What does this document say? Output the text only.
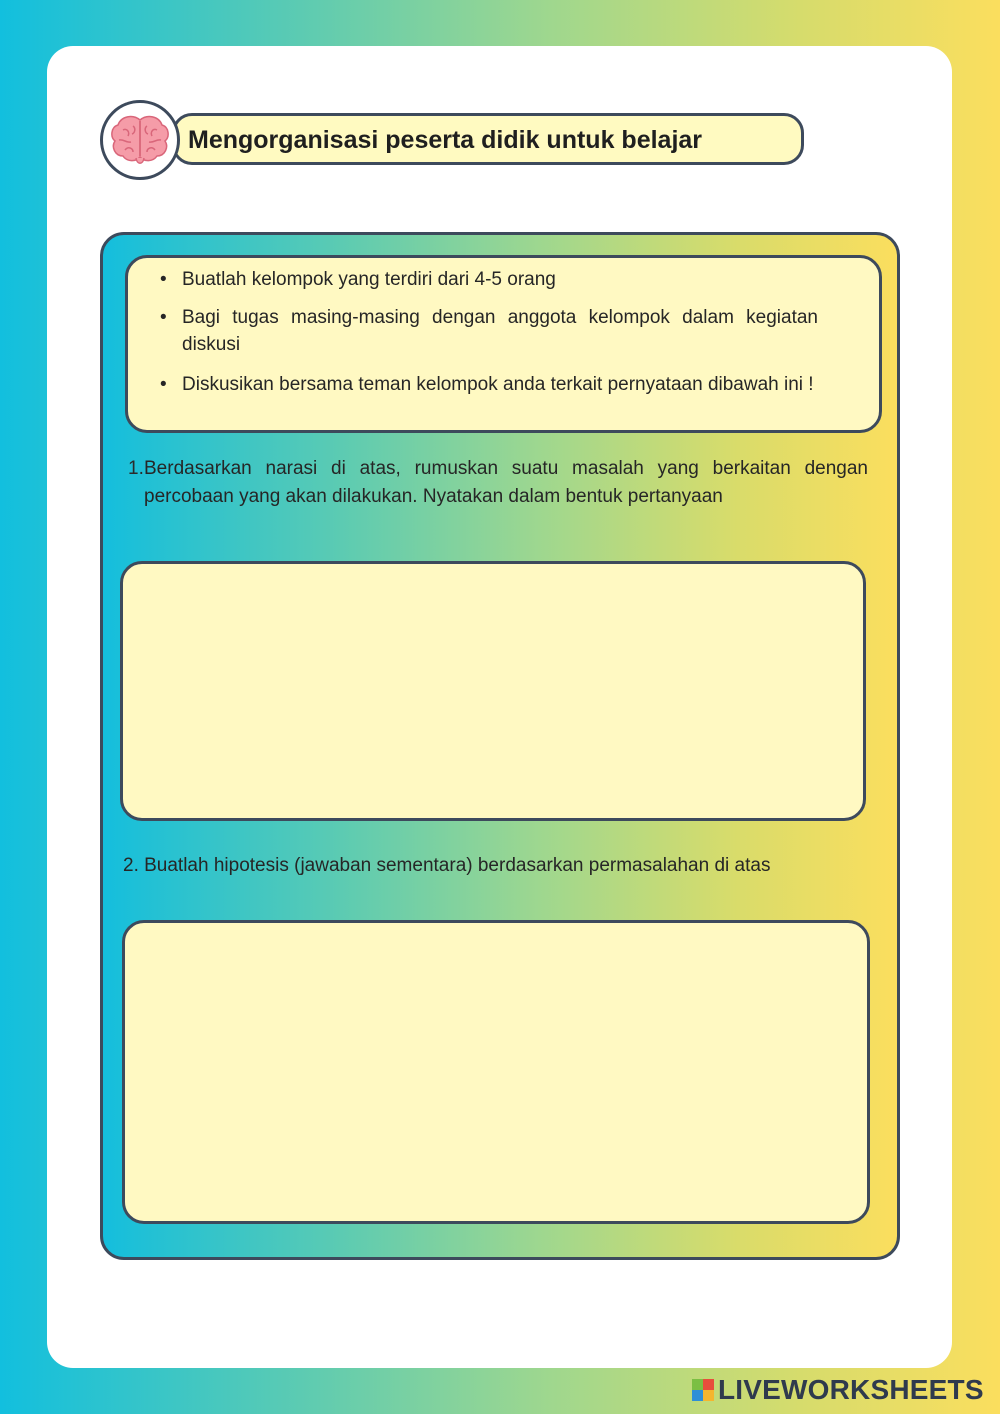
Mengorganisasi peserta didik untuk belajar
• Buatlah kelompok yang terdiri dari 4-5 orang
• Bagi tugas masing-masing dengan anggota kelompok dalam kegiatan diskusi
• Diskusikan bersama teman kelompok anda terkait pernyataan dibawah ini !
1. Berdasarkan narasi di atas, rumuskan suatu masalah yang berkaitan dengan percobaan yang akan dilakukan. Nyatakan dalam bentuk pertanyaan
2. Buatlah hipotesis (jawaban sementara) berdasarkan permasalahan di atas
LIVEWORKSHEETS
